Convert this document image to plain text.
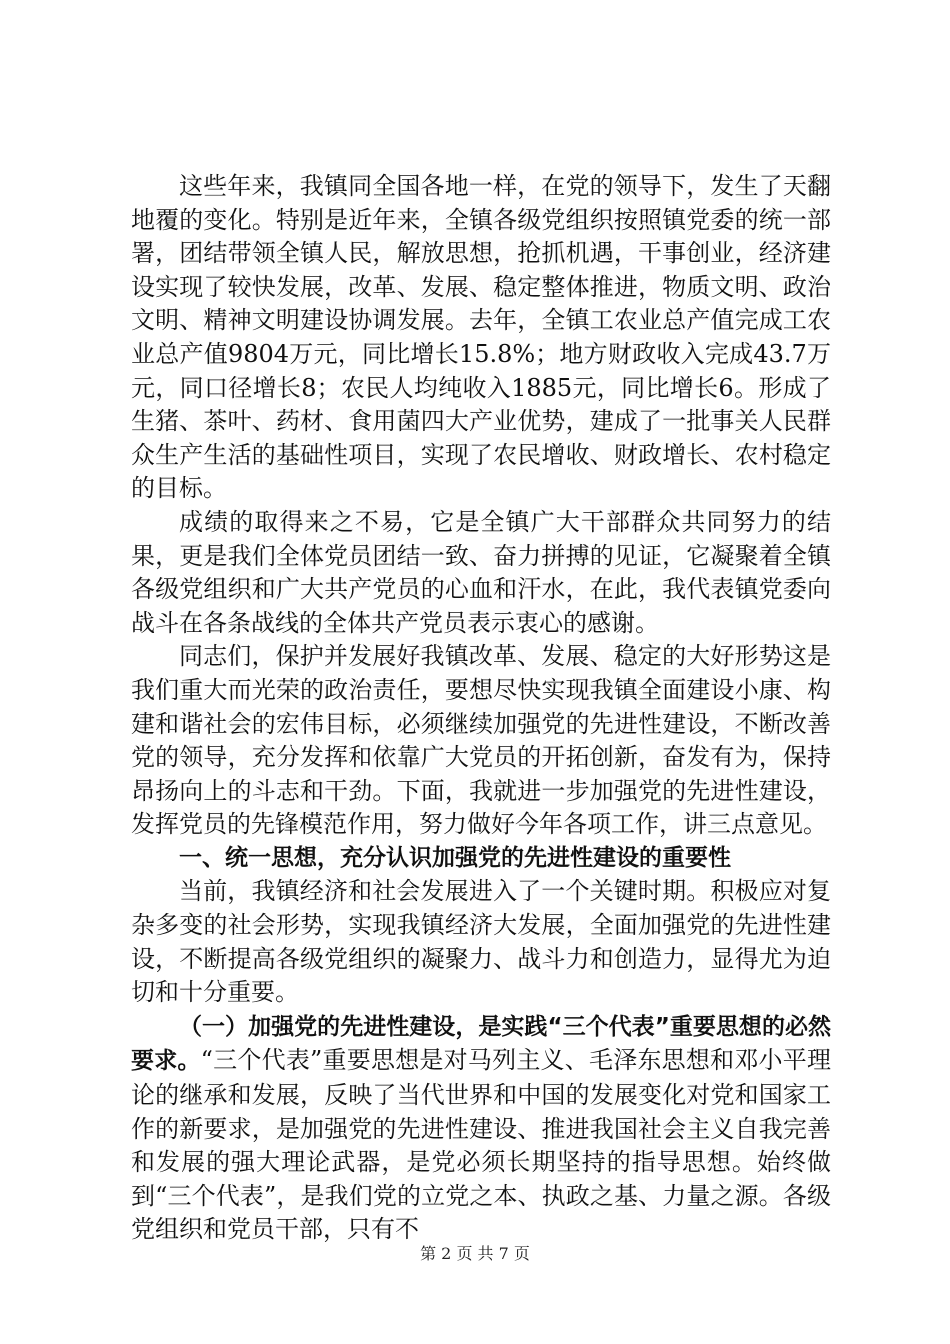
这些年来，我镇同全国各地一样，在党的领导下，发生了天翻地覆的变化。特别是近年来，全镇各级党组织按照镇党委的统一部署，团结带领全镇人民，解放思想，抢抓机遇，干事创业，经济建设实现了较快发展，改革、发展、稳定整体推进，物质文明、政治文明、精神文明建设协调发展。去年，全镇工农业总产值完成工农业总产值9804万元，同比增长15.8%；地方财政收入完成43.7万元，同口径增长8；农民人均纯收入1885元，同比增长6。形成了生猪、茶叶、药材、食用菌四大产业优势，建成了一批事关人民群众生产生活的基础性项目，实现了农民增收、财政增长、农村稳定的目标。

成绩的取得来之不易，它是全镇广大干部群众共同努力的结果，更是我们全体党员团结一致、奋力拼搏的见证，它凝聚着全镇各级党组织和广大共产党员的心血和汗水，在此，我代表镇党委向战斗在各条战线的全体共产党员表示衷心的感谢。

同志们，保护并发展好我镇改革、发展、稳定的大好形势这是我们重大而光荣的政治责任，要想尽快实现我镇全面建设小康、构建和谐社会的宏伟目标，必须继续加强党的先进性建设，不断改善党的领导，充分发挥和依靠广大党员的开拓创新，奋发有为，保持昂扬向上的斗志和干劲。下面，我就进一步加强党的先进性建设，发挥党员的先锋模范作用，努力做好今年各项工作，讲三点意见。

一、统一思想，充分认识加强党的先进性建设的重要性

当前，我镇经济和社会发展进入了一个关键时期。积极应对复杂多变的社会形势，实现我镇经济大发展，全面加强党的先进性建设，不断提高各级党组织的凝聚力、战斗力和创造力，显得尤为迫切和十分重要。

（一）加强党的先进性建设，是实践“三个代表”重要思想的必然要求。“三个代表”重要思想是对马列主义、毛泽东思想和邓小平理论的继承和发展，反映了当代世界和中国的发展变化对党和国家工作的新要求，是加强党的先进性建设、推进我国社会主义自我完善和发展的强大理论武器，是党必须长期坚持的指导思想。始终做到“三个代表”，是我们党的立党之本、执政之基、力量之源。各级党组织和党员干部，只有不

第 2 页 共 7 页
